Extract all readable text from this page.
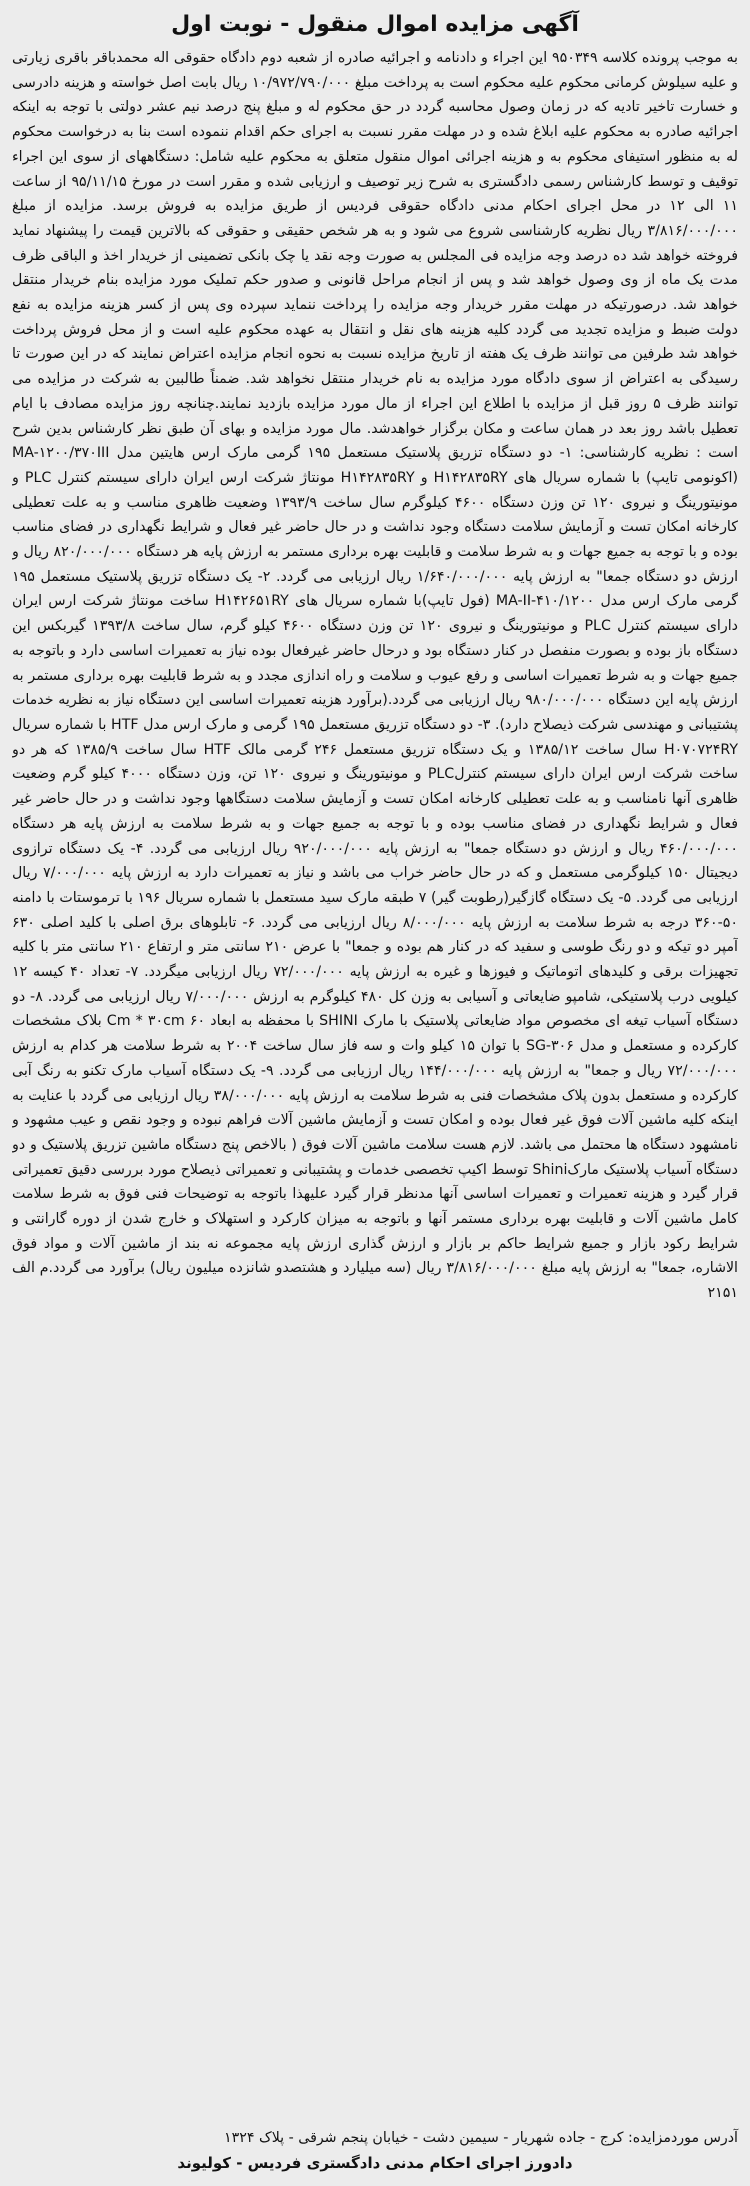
آگهی مزایده اموال منقول - نوبت اول

به موجب پرونده کلاسه ۹۵۰۳۴۹ این اجراء و دادنامه و اجرائیه صادره از شعبه دوم دادگاه حقوقی اله محمدباقر باقری زیارتی و علیه سیلوش کرمانی محکوم علیه محکوم است به پرداخت مبلغ ۱۰/۹۷۲/۷۹۰/۰۰۰ ریال بابت اصل خواسته و هزینه دادرسی و خسارت تاخیر تادیه که در زمان وصول محاسبه گردد در حق محکوم له و مبلغ پنج درصد نیم عشر دولتی با توجه به اینکه اجرائیه صادره به محکوم علیه ابلاغ شده و در مهلت مقرر نسبت به اجرای حکم اقدام ننموده است بنا به درخواست محکوم له به منظور استیفای محکوم به و هزینه اجرائی اموال منقول متعلق به محکوم علیه شامل: دستگاههای از سوی این اجراء توقیف و توسط کارشناس رسمی دادگستری به شرح زیر توصیف و ارزیابی شده و مقرر است در مورخ ۹۵/۱۱/۱۵ از ساعت ۱۱ الی ۱۲ در محل اجرای احکام مدنی دادگاه حقوقی فردیس از طریق مزایده به فروش برسد. مزایده از مبلغ ۳/۸۱۶/۰۰۰/۰۰۰ ریال نظریه کارشناسی شروع می شود و به هر شخص حقیقی و حقوقی که بالاترین قیمت را پیشنهاد نماید فروخته خواهد شد ده درصد وجه مزایده فی المجلس به صورت وجه نقد یا چک بانکی تضمینی از خریدار اخذ و الباقی ظرف مدت یک ماه از وی وصول خواهد شد و پس از انجام مراحل قانونی و صدور حکم تملیک مورد مزایده بنام خریدار منتقل خواهد شد. درصورتیکه در مهلت مقرر خریدار وجه مزایده را پرداخت ننماید سپرده وی پس از کسر هزینه مزایده به نفع دولت ضبط و مزایده تجدید می گردد کلیه هزینه های نقل و انتقال به عهده محکوم علیه است و از محل فروش پرداخت خواهد شد طرفین می توانند ظرف یک هفته از تاریخ مزایده نسبت به نحوه انجام مزایده اعتراض نمایند که در این صورت تا رسیدگی به اعتراض از سوی دادگاه مورد مزایده به نام خریدار منتقل نخواهد شد. ضمناً طالبین به شرکت در مزایده می توانند ظرف ۵ روز قبل از مزایده با اطلاع این اجراء از مال مورد مزایده بازدید نمایند.چنانچه روز مزایده مصادف با ایام تعطیل باشد روز بعد در همان ساعت و مکان برگزار خواهدشد. مال مورد مزایده و بهای آن طبق نظر کارشناس بدین شرح است : نظریه کارشناسی: ۱- دو دستگاه تزریق پلاستیک مستعمل ۱۹۵ گرمی مارک ارس هایتین مدل MA-۱۲۰۰/۳۷۰III (اکونومی تایپ) با شماره سریال های H۱۴۲۸۳۵RY و H۱۴۲۸۳۵RY مونتاژ شرکت ارس ایران دارای سیستم کنترل PLC و مونیتورینگ و نیروی ۱۲۰ تن وزن دستگاه ۴۶۰۰ کیلوگرم سال ساخت ۱۳۹۳/۹ وضعیت ظاهری مناسب و به علت تعطیلی کارخانه امکان تست و آزمایش سلامت دستگاه وجود نداشت و در حال حاضر غیر فعال و شرایط نگهداری در فضای مناسب بوده و با توجه به جمیع جهات و به شرط سلامت و قابلیت بهره برداری مستمر به ارزش پایه هر دستگاه ۸۲۰/۰۰۰/۰۰۰ ریال و ارزش دو دستگاه جمعا" به ارزش پایه ۱/۶۴۰/۰۰۰/۰۰۰ ریال ارزیابی می گردد. ۲- یک دستگاه تزریق پلاستیک مستعمل ۱۹۵ گرمی مارک ارس مدل MA-II-۴۱۰/۱۲۰۰ (فول تایپ)با شماره سریال های H۱۴۲۶۵۱RY ساخت مونتاژ شرکت ارس ایران دارای سیستم کنترل PLC و مونیتورینگ و نیروی ۱۲۰ تن وزن دستگاه ۴۶۰۰ کیلو گرم، سال ساخت ۱۳۹۳/۸ گیربکس این دستگاه باز بوده و بصورت منفصل در کنار دستگاه بود و درحال حاضر غیرفعال بوده نیاز به تعمیرات اساسی دارد و باتوجه به جمیع جهات و به شرط تعمیرات اساسی و رفع عیوب و سلامت و راه اندازی مجدد و به شرط قابلیت بهره برداری مستمر به ارزش پایه این دستگاه ۹۸۰/۰۰۰/۰۰۰ ریال ارزیابی می گردد.(برآورد هزینه تعمیرات اساسی این دستگاه نیاز به نظریه خدمات پشتیبانی و مهندسی شرکت ذیصلاح دارد). ۳- دو دستگاه تزریق مستعمل ۱۹۵ گرمی و مارک ارس مدل HTF با شماره سریال H۰۷۰۷۲۴RY سال ساخت ۱۳۸۵/۱۲ و یک دستگاه تزریق مستعمل ۲۴۶ گرمی مالک HTF سال ساخت ۱۳۸۵/۹ که هر دو ساخت شرکت ارس ایران دارای سیستم کنترلPLC و مونیتورینگ و نیروی ۱۲۰ تن، وزن دستگاه ۴۰۰۰ کیلو گرم وضعیت ظاهری آنها نامناسب و به علت تعطیلی کارخانه امکان تست و آزمایش سلامت دستگاهها وجود نداشت و در حال حاضر غیر فعال و شرایط نگهداری در فضای مناسب بوده و با توجه به جمیع جهات و به شرط سلامت به ارزش پایه هر دستگاه ۴۶۰/۰۰۰/۰۰۰ ریال و ارزش دو دستگاه جمعا" به ارزش پایه ۹۲۰/۰۰۰/۰۰۰ ریال ارزیابی می گردد. ۴- یک دستگاه ترازوی دیجیتال ۱۵۰ کیلوگرمی مستعمل و که در حال حاضر خراب می باشد و نیاز به تعمیرات دارد به ارزش پایه ۷/۰۰۰/۰۰۰ ریال ارزیابی می گردد. ۵- یک دستگاه گازگیر(رطوبت گیر) ۷ طبقه مارک سید مستعمل با شماره سریال ۱۹۶ با ترموستات با دامنه ۵۰-۳۶۰ درجه به شرط سلامت به ارزش پایه ۸/۰۰۰/۰۰۰ ریال ارزیابی می گردد. ۶- تابلوهای برق اصلی با کلید اصلی ۶۳۰ آمپر دو تیکه و دو رنگ طوسی و سفید که در کنار هم بوده و جمعا" با عرض ۲۱۰ سانتی متر و ارتفاع ۲۱۰ سانتی متر با کلیه تجهیزات برقی و کلیدهای اتوماتیک و فیوزها و غیره به ارزش پایه ۷۲/۰۰۰/۰۰۰ ریال ارزیابی میگردد. ۷- تعداد ۴۰ کیسه ۱۲ کیلویی درب پلاستیکی، شامپو ضایعاتی و آسیابی به وزن کل ۴۸۰ کیلوگرم به ارزش ۷/۰۰۰/۰۰۰ ریال ارزیابی می گردد. ۸- دو دستگاه آسیاب تیغه ای مخصوص مواد ضایعاتی پلاستیک با مارک SHINI با محفظه به ابعاد ۶۰ Cm * ۳۰cm بلاک مشخصات کارکرده و مستعمل و مدل SG-۳۰۶ با توان ۱۵ کیلو وات و سه فاز سال ساخت ۲۰۰۴ به شرط سلامت هر کدام به ارزش ۷۲/۰۰۰/۰۰۰ ریال و جمعا" به ارزش پایه ۱۴۴/۰۰۰/۰۰۰ ریال ارزیابی می گردد. ۹- یک دستگاه آسیاب مارک تکنو به رنگ آبی کارکرده و مستعمل بدون پلاک مشخصات فنی به شرط سلامت به ارزش پایه ۳۸/۰۰۰/۰۰۰ ریال ارزیابی می گردد با عنایت به اینکه کلیه ماشین آلات فوق غیر فعال بوده و امکان تست و آزمایش ماشین آلات فراهم نبوده و وجود نقص و عیب مشهود و نامشهود دستگاه ها محتمل می باشد. لازم هست سلامت ماشین آلات فوق ( بالاخص پنج دستگاه ماشین تزریق پلاستیک و دو دستگاه آسیاب پلاستیک مارکShini توسط اکیپ تخصصی خدمات و پشتیبانی و تعمیراتی ذیصلاح مورد بررسی دقیق تعمیراتی قرار گیرد و هزینه تعمیرات و تعمیرات اساسی آنها مدنظر قرار گیرد علیهذا باتوجه به توضیحات فنی فوق به شرط سلامت کامل ماشین آلات و قابلیت بهره برداری مستمر آنها و باتوجه به میزان کارکرد و استهلاک و خارج شدن از دوره گارانتی و شرایط رکود بازار و جمیع شرایط حاکم بر بازار و ارزش گذاری ارزش پایه مجموعه نه بند از ماشین آلات و مواد فوق الاشاره، جمعا" به ارزش پایه مبلغ ۳/۸۱۶/۰۰۰/۰۰۰ ریال (سه میلیارد و هشتصدو شانزده میلیون ریال) برآورد می گردد.م الف ۲۱۵۱

آدرس موردمزایده: کرج - جاده شهریار - سیمین دشت - خیابان پنجم شرقی - پلاک ۱۳۲۴
دادورز اجرای احکام مدنی دادگستری فردیس - کولیوند
